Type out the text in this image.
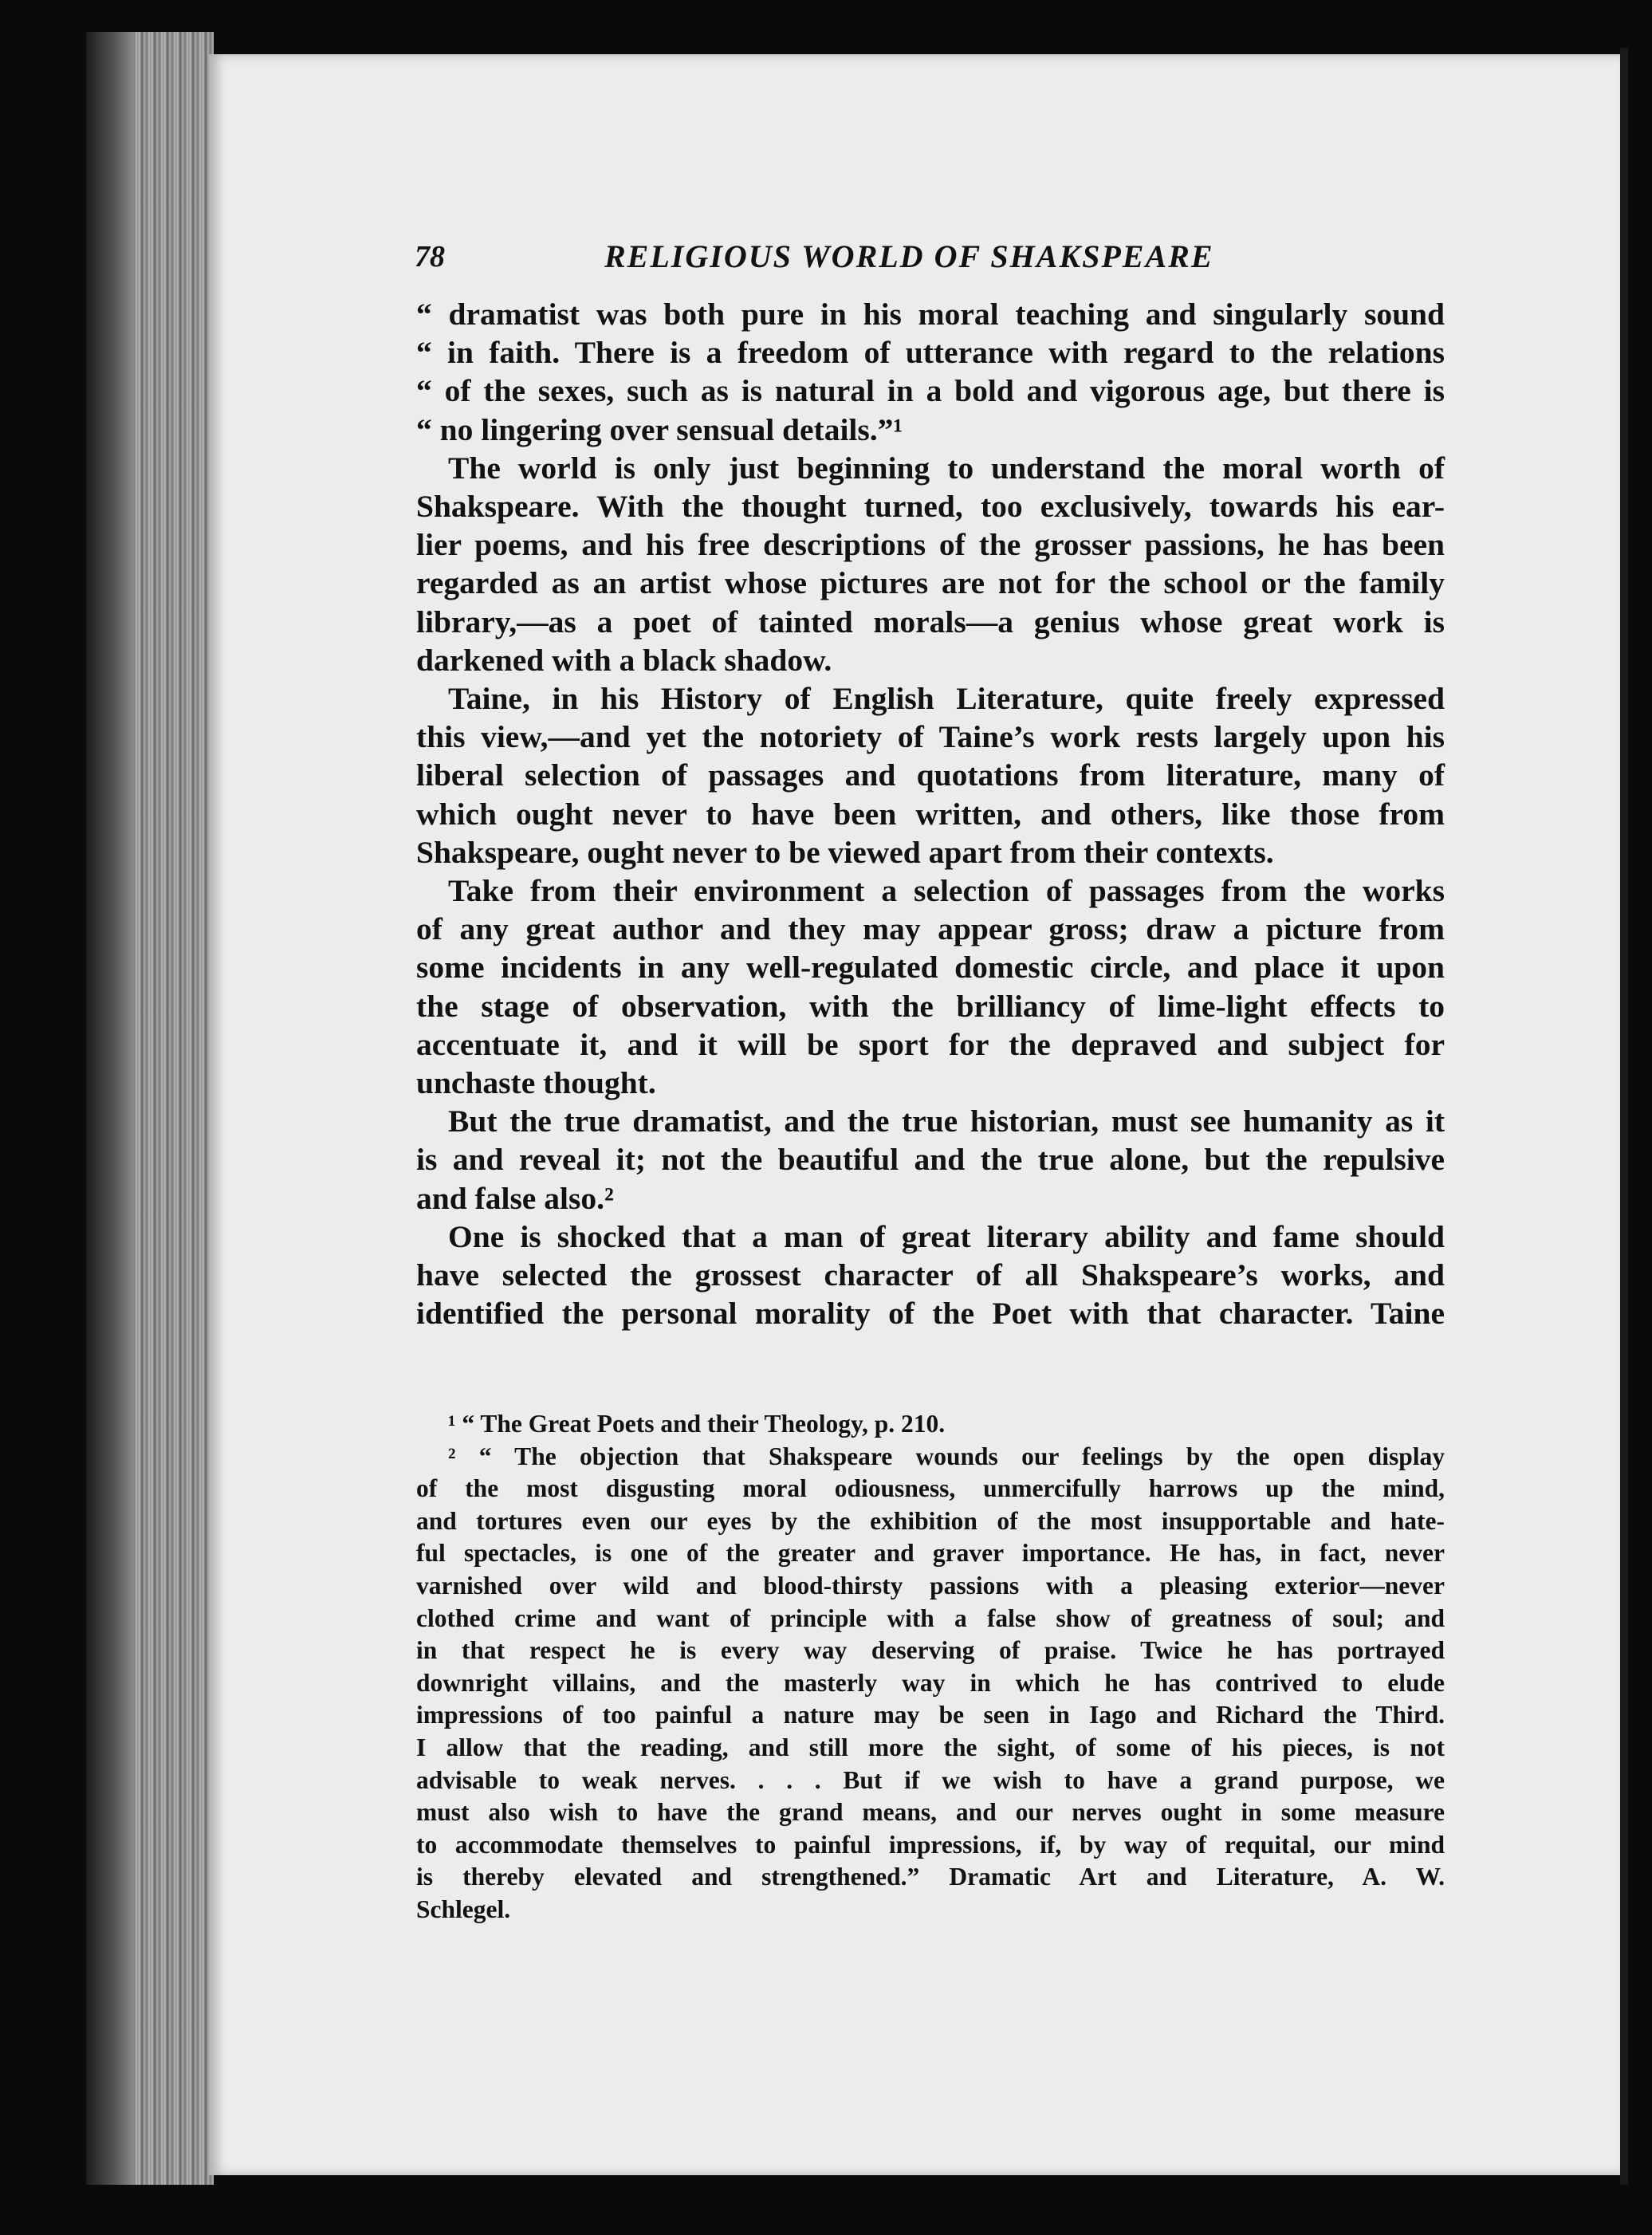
78	RELIGIOUS WORLD OF SHAKSPEARE

“ dramatist was both pure in his moral teaching and singularly sound

“ in faith. There is a freedom of utterance with regard to the relations

“ of the sexes, such as is natural in a bold and vigorous age, but there is

“ no lingering over sensual details.”¹

The world is only just beginning to understand the moral worth of

Shakspeare. With the thought turned, too exclusively, towards his ear-

lier poems, and his free descriptions of the grosser passions, he has been

regarded as an artist whose pictures are not for the school or the family

library,—as a poet of tainted morals—a genius whose great work is

darkened with a black shadow.

Taine, in his History of English Literature, quite freely expressed

this view,—and yet the notoriety of Taine’s work rests largely upon his

liberal selection of passages and quotations from literature, many of

which ought never to have been written, and others, like those from

Shakspeare, ought never to be viewed apart from their contexts.

Take from their environment a selection of passages from the works

of any great author and they may appear gross; draw a picture from

some incidents in any well-regulated domestic circle, and place it upon

the stage of observation, with the brilliancy of lime-light effects to

accentuate it, and it will be sport for the depraved and subject for

unchaste thought.

But the true dramatist, and the true historian, must see humanity as it

is and reveal it; not the beautiful and the true alone, but the repulsive

and false also.²

One is shocked that a man of great literary ability and fame should

have selected the grossest character of all Shakspeare’s works, and

identified the personal morality of the Poet with that character. Taine

¹ “ The Great Poets and their Theology, p. 210.

² “ The objection that Shakspeare wounds our feelings by the open display

of the most disgusting moral odiousness, unmercifully harrows up the mind,

and tortures even our eyes by the exhibition of the most insupportable and hate-

ful spectacles, is one of the greater and graver importance. He has, in fact, never

varnished over wild and blood-thirsty passions with a pleasing exterior—never

clothed crime and want of principle with a false show of greatness of soul; and

in that respect he is every way deserving of praise. Twice he has portrayed

downright villains, and the masterly way in which he has contrived to elude

impressions of too painful a nature may be seen in Iago and Richard the Third.

I allow that the reading, and still more the sight, of some of his pieces, is not

advisable to weak nerves. . . . But if we wish to have a grand purpose, we

must also wish to have the grand means, and our nerves ought in some measure

to accommodate themselves to painful impressions, if, by way of requital, our mind

is thereby elevated and strengthened.” Dramatic Art and Literature, A. W.

Schlegel.
